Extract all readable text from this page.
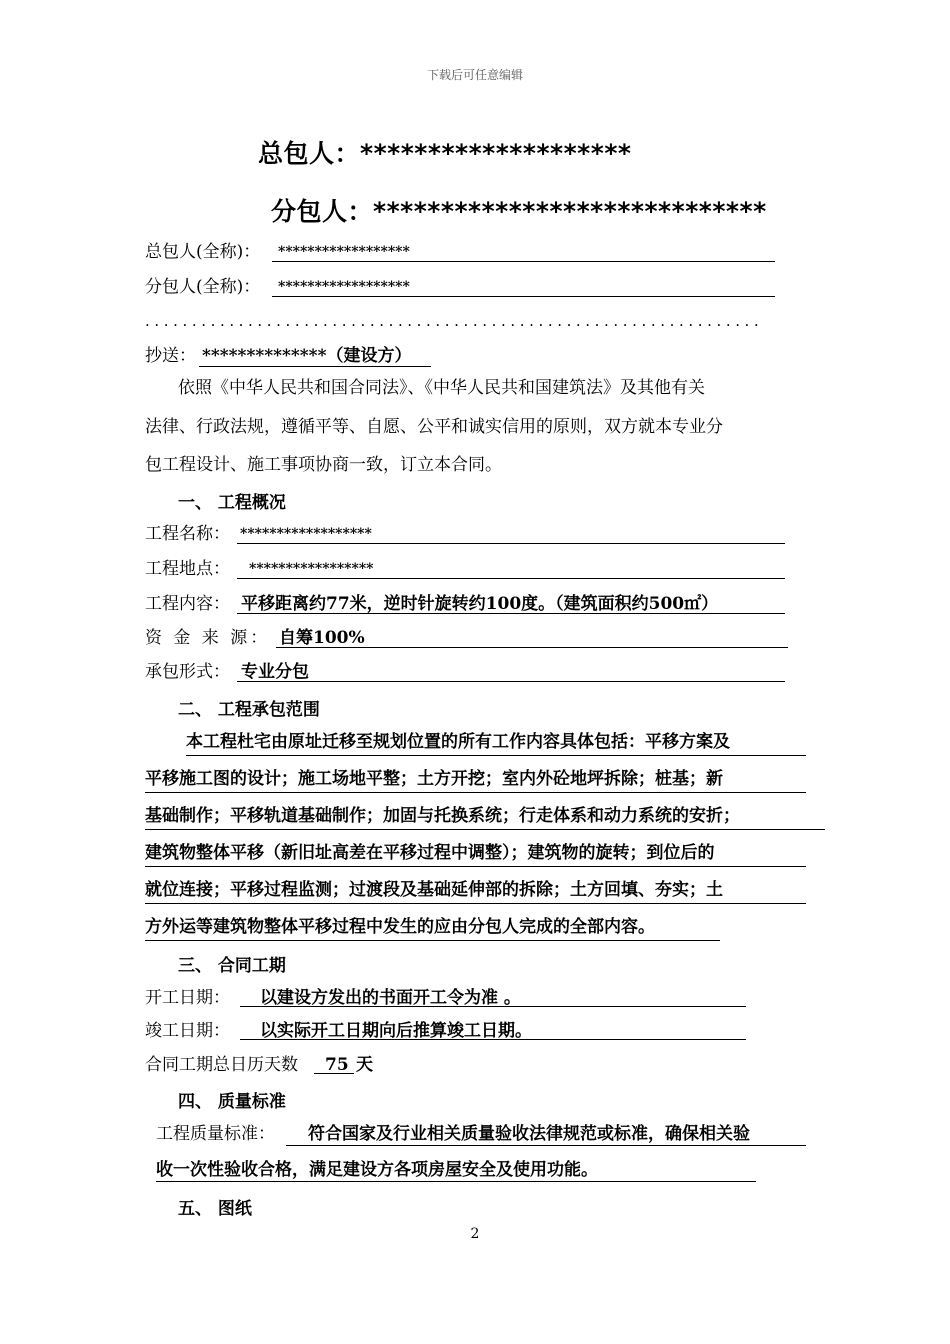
下载后可任意编辑
总包人：********************
分包人：*****************************
总包人(全称)： ******************
分包人(全称)： ******************
..................................................................
抄送： **************（建设方）
依照《中华人民共和国合同法》、《中华人民共和国建筑法》及其他有关
法律、行政法规，遵循平等、自愿、公平和诚实信用的原则，双方就本专业分
包工程设计、施工事项协商一致，订立本合同。
一、 工程概况
工程名称： ******************
工程地点： *****************
工程内容： 平移距离约77米，逆时针旋转约100度。（建筑面积约500㎡）
资 金 来 源： 自筹100%
承包形式： 专业分包
二、 工程承包范围
本工程杜宅由原址迁移至规划位置的所有工作内容具体包括：平移方案及
平移施工图的设计；施工场地平整；土方开挖；室内外砼地坪拆除；桩基；新
基础制作；平移轨道基础制作；加固与托换系统；行走体系和动力系统的安折；
建筑物整体平移（新旧址高差在平移过程中调整）；建筑物的旋转；到位后的
就位连接；平移过程监测；过渡段及基础延伸部的拆除；土方回填、夯实；土
方外运等建筑物整体平移过程中发生的应由分包人完成的全部内容。
三、 合同工期
开工日期： 以建设方发出的书面开工令为准 。
竣工日期： 以实际开工日期向后推算竣工日期。
合同工期总日历天数 75 天
四、 质量标准
工程质量标准： 符合国家及行业相关质量验收法律规范或标准，确保相关验
收一次性验收合格，满足建设方各项房屋安全及使用功能。
五、 图纸
2
